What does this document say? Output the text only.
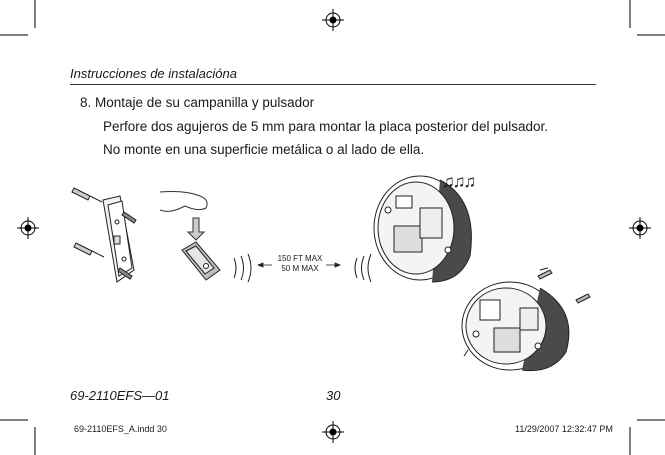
Instrucciones de instalacióna
8. Montaje de su campanilla y pulsador
Perfore dos agujeros de 5 mm para montar la placa posterior del pulsador.
No monte en una superficie metálica o al lado de ella.
150 FT MAX
50 M MAX
♫♫♫
69-2110EFS—01	30
69-2110EFS_A.indd 30	11/29/2007 12:32:47 PM
